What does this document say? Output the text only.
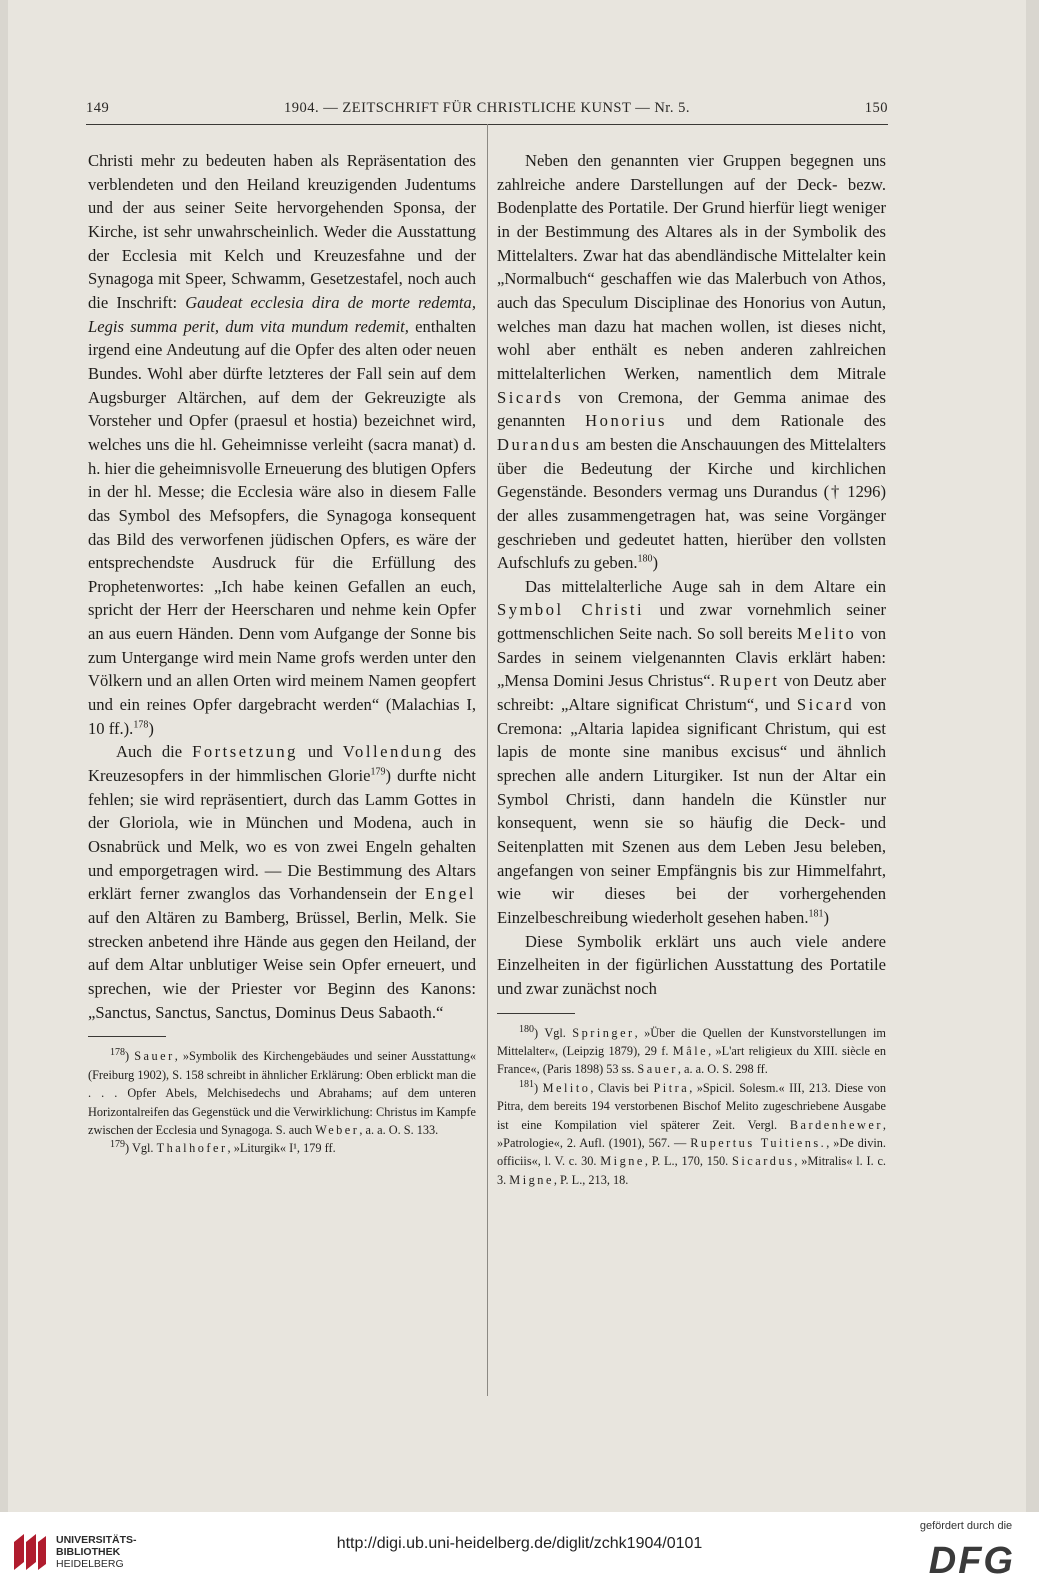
149	1904. — ZEITSCHRIFT FÜR CHRISTLICHE KUNST — Nr. 5.	150

Christi mehr zu bedeuten haben als Repräsentation des verblendeten und den Heiland kreuzigenden Judentums und der aus seiner Seite hervorgehenden Sponsa, der Kirche, ist sehr unwahrscheinlich. Weder die Ausstattung der Ecclesia mit Kelch und Kreuzesfahne und der Synagoga mit Speer, Schwamm, Gesetzestafel, noch auch die Inschrift: Gaudeat ecclesia dira de morte redemta, Legis summa perit, dum vita mundum redemit, enthalten irgend eine Andeutung auf die Opfer des alten oder neuen Bundes. Wohl aber dürfte letzteres der Fall sein auf dem Augsburger Altärchen, auf dem der Gekreuzigte als Vorsteher und Opfer (praesul et hostia) bezeichnet wird, welches uns die hl. Geheimnisse verleiht (sacra manat) d. h. hier die geheimnisvolle Erneuerung des blutigen Opfers in der hl. Messe; die Ecclesia wäre also in diesem Falle das Symbol des Mefsopfers, die Synagoga konsequent das Bild des verworfenen jüdischen Opfers, es wäre der entsprechendste Ausdruck für die Erfüllung des Prophetenwortes: „Ich habe keinen Gefallen an euch, spricht der Herr der Heerscharen und nehme kein Opfer an aus euern Händen. Denn vom Aufgange der Sonne bis zum Untergange wird mein Name grofs werden unter den Völkern und an allen Orten wird meinem Namen geopfert und ein reines Opfer dargebracht werden“ (Malachias I, 10 ff.).$^{178}$)

Auch die Fortsetzung und Vollendung des Kreuzesopfers in der himmlischen Glorie$^{179}$) durfte nicht fehlen; sie wird repräsentiert, durch das Lamm Gottes in der Gloriola, wie in München und Modena, auch in Osnabrück und Melk, wo es von zwei Engeln gehalten und emporgetragen wird. — Die Bestimmung des Altars erklärt ferner zwanglos das Vorhandensein der Engel auf den Altären zu Bamberg, Brüssel, Berlin, Melk. Sie strecken anbetend ihre Hände aus gegen den Heiland, der auf dem Altar unblutiger Weise sein Opfer erneuert, und sprechen, wie der Priester vor Beginn des Kanons: „Sanctus, Sanctus, Sanctus, Dominus Deus Sabaoth.“

$^{178}$) Sauer, »Symbolik des Kirchengebäudes und seiner Ausstattung« (Freiburg 1902), S. 158 schreibt in ähnlicher Erklärung: Oben erblickt man die . . . Opfer Abels, Melchisedechs und Abrahams; auf dem unteren Horizontalreifen das Gegenstück und die Verwirklichung: Christus im Kampfe zwischen der Ecclesia und Synagoga. S. auch Weber, a. a. O. S. 133.

$^{179}$) Vgl. Thalhofer, »Liturgik« I¹, 179 ff.

Neben den genannten vier Gruppen begegnen uns zahlreiche andere Darstellungen auf der Deck- bezw. Bodenplatte des Portatile. Der Grund hierfür liegt weniger in der Bestimmung des Altares als in der Symbolik des Mittelalters. Zwar hat das abendländische Mittelalter kein „Normalbuch“ geschaffen wie das Malerbuch von Athos, auch das Speculum Disciplinae des Honorius von Autun, welches man dazu hat machen wollen, ist dieses nicht, wohl aber enthält es neben anderen zahlreichen mittelalterlichen Werken, namentlich dem Mitrale Sicards von Cremona, der Gemma animae des genannten Honorius und dem Rationale des Durandus am besten die Anschauungen des Mittelalters über die Bedeutung der Kirche und kirchlichen Gegenstände. Besonders vermag uns Durandus († 1296) der alles zusammengetragen hat, was seine Vorgänger geschrieben und gedeutet hatten, hierüber den vollsten Aufschlufs zu geben.$^{180}$)

Das mittelalterliche Auge sah in dem Altare ein Symbol Christi und zwar vornehmlich seiner gottmenschlichen Seite nach. So soll bereits Melito von Sardes in seinem vielgenannten Clavis erklärt haben: „Mensa Domini Jesus Christus“. Rupert von Deutz aber schreibt: „Altare significat Christum“, und Sicard von Cremona: „Altaria lapidea significant Christum, qui est lapis de monte sine manibus excisus“ und ähnlich sprechen alle andern Liturgiker. Ist nun der Altar ein Symbol Christi, dann handeln die Künstler nur konsequent, wenn sie so häufig die Deck- und Seitenplatten mit Szenen aus dem Leben Jesu beleben, angefangen von seiner Empfängnis bis zur Himmelfahrt, wie wir dieses bei der vorhergehenden Einzelbeschreibung wiederholt gesehen haben.$^{181}$)

Diese Symbolik erklärt uns auch viele andere Einzelheiten in der figürlichen Ausstattung des Portatile und zwar zunächst noch

$^{180}$) Vgl. Springer, »Über die Quellen der Kunstvorstellungen im Mittelalter«, (Leipzig 1879), 29 f. Mâle, »L'art religieux du XIII. siècle en France«, (Paris 1898) 53 ss. Sauer, a. a. O. S. 298 ff.

$^{181}$) Melito, Clavis bei Pitra, »Spicil. Solesm.« III, 213. Diese von Pitra, dem bereits 194 verstorbenen Bischof Melito zugeschriebene Ausgabe ist eine Kompilation viel späterer Zeit. Vergl. Bardenhewer, »Patrologie«, 2. Aufl. (1901), 567. — Rupertus Tuitiens., »De divin. officiis«, l. V. c. 30. Migne, P. L., 170, 150. Sicardus, »Mitralis« l. I. c. 3. Migne, P. L., 213, 18.

UNIVERSITÄTS-
BIBLIOTHEK
HEIDELBERG
http://digi.ub.uni-heidelberg.de/diglit/zchk1904/0101
gefördert durch die
DFG
